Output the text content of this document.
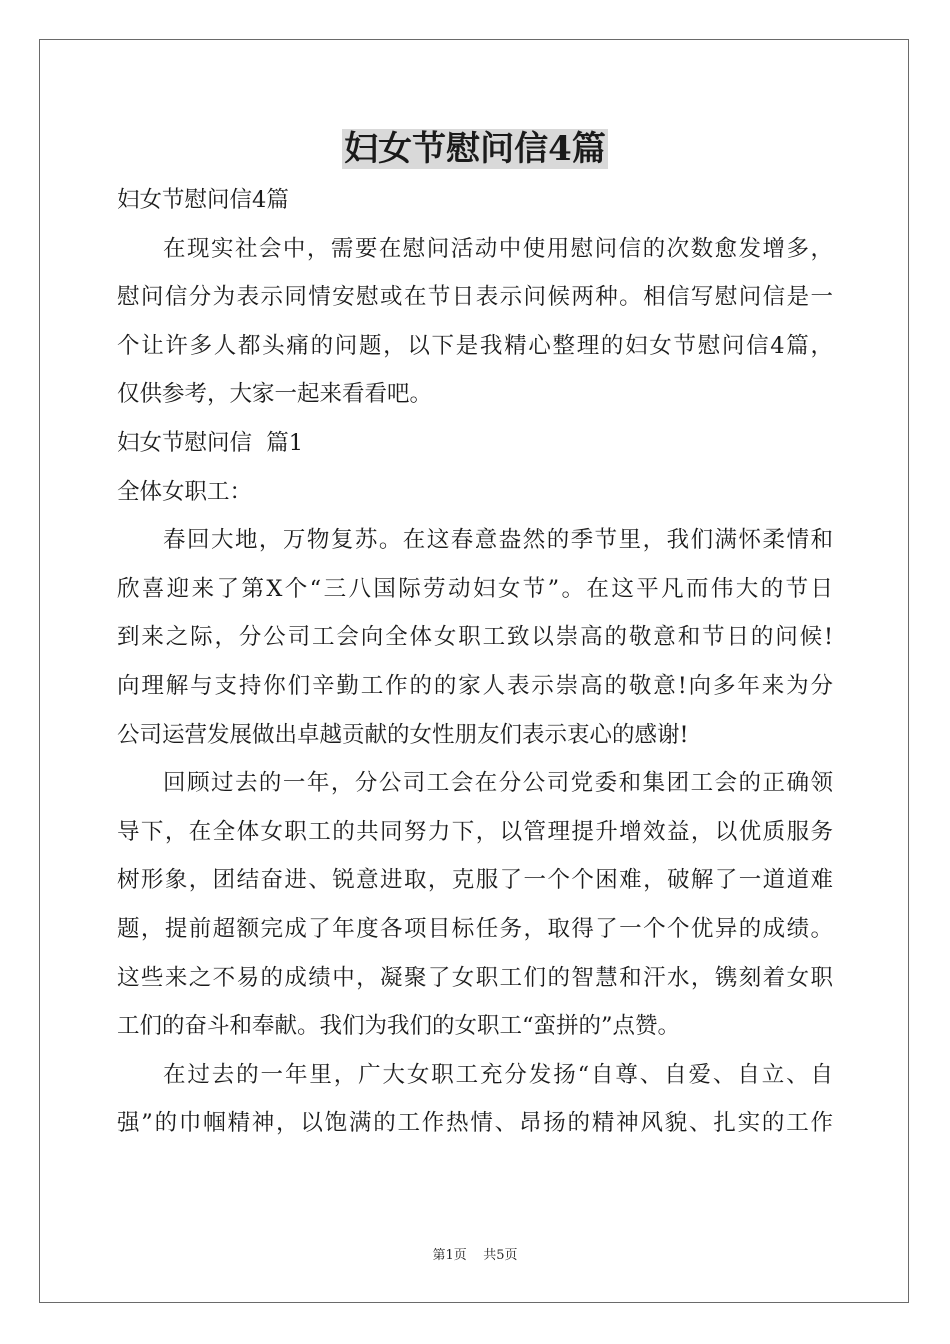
妇女节慰问信4篇
妇女节慰问信4篇
在现实社会中，需要在慰问活动中使用慰问信的次数愈发增多，
慰问信分为表示同情安慰或在节日表示问候两种。相信写慰问信是一
个让许多人都头痛的问题，以下是我精心整理的妇女节慰问信4篇，
仅供参考，大家一起来看看吧。
妇女节慰问信  篇1
全体女职工：
春回大地，万物复苏。在这春意盎然的季节里，我们满怀柔情和
欣喜迎来了第X个“三八国际劳动妇女节”。在这平凡而伟大的节日
到来之际，分公司工会向全体女职工致以崇高的敬意和节日的问候!
向理解与支持你们辛勤工作的的家人表示崇高的敬意!向多年来为分
公司运营发展做出卓越贡献的女性朋友们表示衷心的感谢!
回顾过去的一年，分公司工会在分公司党委和集团工会的正确领
导下，在全体女职工的共同努力下，以管理提升增效益，以优质服务
树形象，团结奋进、锐意进取，克服了一个个困难，破解了一道道难
题，提前超额完成了年度各项目标任务，取得了一个个优异的成绩。
这些来之不易的成绩中，凝聚了女职工们的智慧和汗水，镌刻着女职
工们的奋斗和奉献。我们为我们的女职工“蛮拼的”点赞。
在过去的一年里，广大女职工充分发扬“自尊、自爱、自立、自
强”的巾帼精神，以饱满的工作热情、昂扬的精神风貌、扎实的工作
第1页    共5页
